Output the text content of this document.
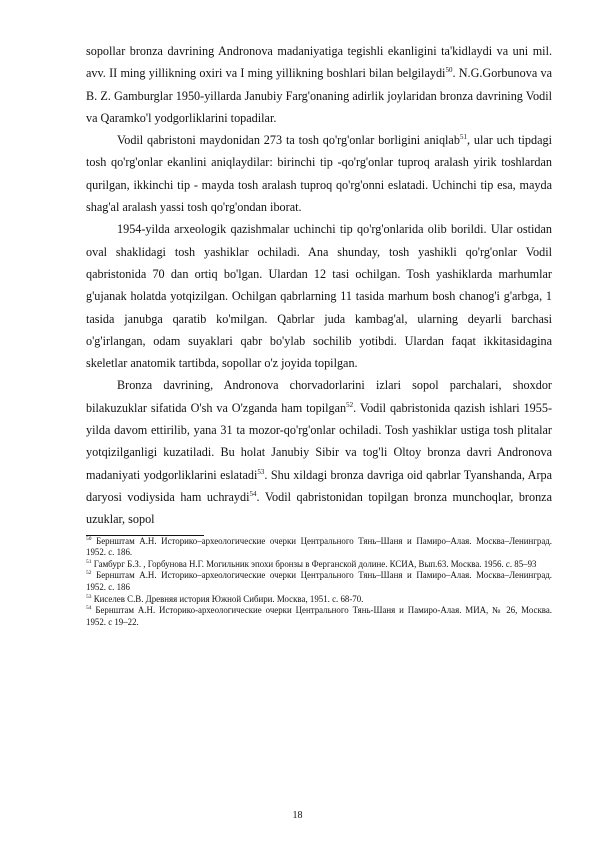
sopollar bronza davrining Andronova madaniyatiga tegishli ekanligini ta'kidlaydi va uni mil. avv. II ming yillikning oxiri va I ming yillikning boshlari bilan belgilaydi$^{50}$. N.G.Gorbunova va B. Z. Gamburglar 1950-yillarda Janubiy Farg'onaning adirlik joylaridan bronza davrining Vodil va Qaramko'l yodgorliklarini topadilar.

Vodil qabristoni maydonidan 273 ta tosh qo'rg'onlar borligini aniqlab$^{51}$, ular uch tipdagi tosh qo'rg'onlar ekanlini aniqlaydilar: birinchi tip -qo'rg'onlar tuproq aralash yirik toshlardan qurilgan, ikkinchi tip - mayda tosh aralash tuproq qo'rg'onni eslatadi. Uchinchi tip esa, mayda shag'al aralash yassi tosh qo'rg'ondan iborat.

1954-yilda arxeologik qazishmalar uchinchi tip qo'rg'onlarida olib borildi. Ular ostidan oval shaklidagi tosh yashiklar ochiladi. Ana shunday, tosh yashikli qo'rg'onlar Vodil qabristonida 70 dan ortiq bo'lgan. Ulardan 12 tasi ochilgan. Tosh yashiklarda marhumlar g'ujanak holatda yotqizilgan. Ochilgan qabrlarning 11 tasida marhum bosh chanog'i g'arbga, 1 tasida janubga qaratib ko'milgan. Qabrlar juda kambag'al, ularning deyarli barchasi o'g'irlangan, odam suyaklari qabr bo'ylab sochilib yotibdi. Ulardan faqat ikkitasidagina skeletlar anatomik tartibda, sopollar o'z joyida topilgan.

Bronza davrining, Andronova chorvadorlarini izlari sopol parchalari, shoxdor bilakuzuklar sifatida O'sh va O'zganda ham topilgan$^{52}$. Vodil qabristonida qazish ishlari 1955-yilda davom ettirilib, yana 31 ta mozor-qo'rg'onlar ochiladi. Tosh yashiklar ustiga tosh plitalar yotqizilganligi kuzatiladi. Bu holat Janubiy Sibir va tog'li Oltoy bronza davri Andronova madaniyati yodgorliklarini eslatadi$^{53}$. Shu xildagi bronza davriga oid qabrlar Tyanshanda, Arpa daryosi vodiysida ham uchraydi$^{54}$. Vodil qabristonidan topilgan bronza munchoqlar, bronza uzuklar, sopol

$^{50}$ Бернштам А.Н. Историко–археологические очерки Центрального Тянь–Шаня и Памиро–Алая. Москва–Ленинград. 1952. с. 186.

$^{51}$ Гамбург Б.З. , Горбунова Н.Г. Могильник эпохи бронзы в Ферганской долине. КСИА, Вып.63. Москва. 1956. с. 85–93

$^{52}$ Бернштам А.Н. Историко–археологические очерки Центрального Тянь–Шаня и Памиро–Алая. Москва–Ленинград. 1952. с. 186

$^{53}$ Киселев С.В. Древняя история Южной Сибири. Москва, 1951. с. 68-70.

$^{54}$ Бернштам А.Н. Историко-археологические очерки Центрального Тянь-Шаня и Памиро-Алая. МИА, № 26, Москва. 1952. с 19–22.

18
